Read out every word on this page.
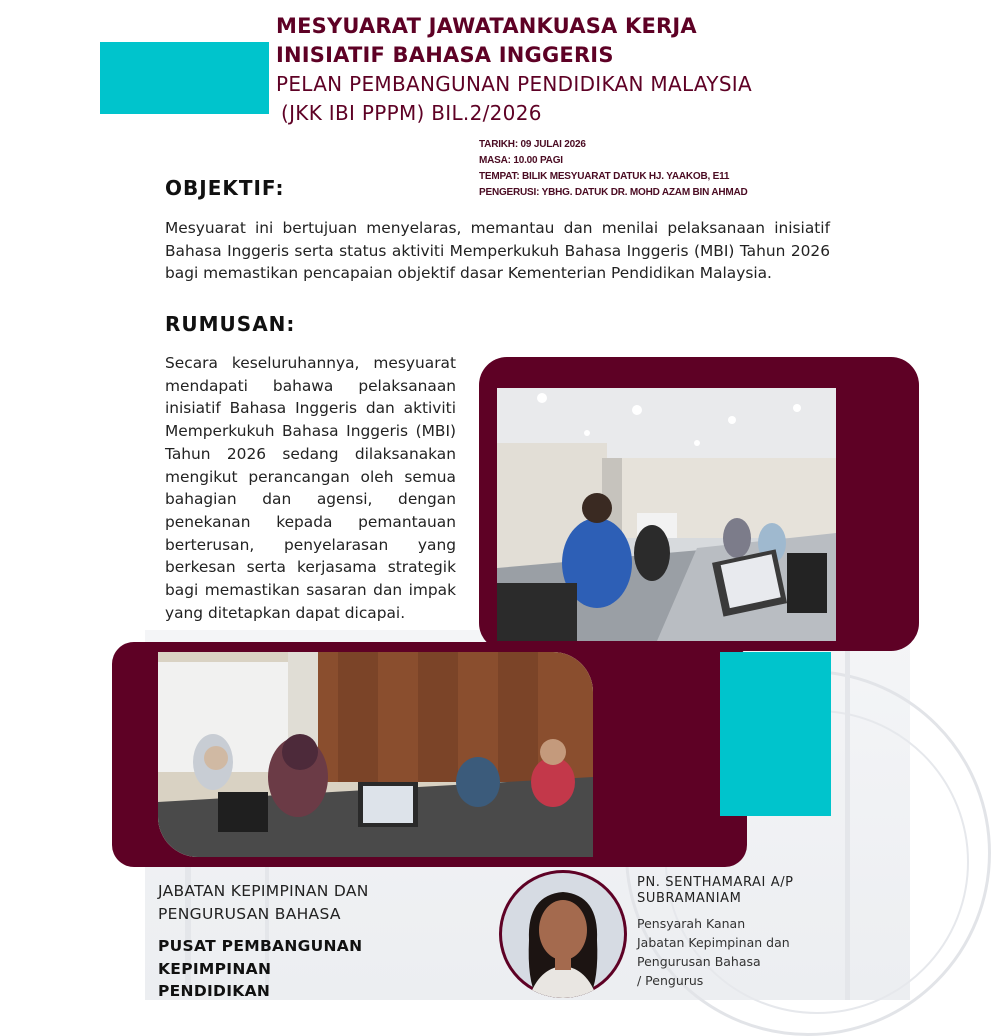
MESYUARAT JAWATANKUASA KERJA
INISIATIF BAHASA INGGERIS
PELAN PEMBANGUNAN PENDIDIKAN MALAYSIA
(JKK IBI PPPM) BIL.2/2026
TARIKH: 09 JULAI 2026
MASA: 10.00 PAGI
TEMPAT: BILIK MESYUARAT DATUK HJ. YAAKOB, E11
PENGERUSI: YBHG. DATUK DR. MOHD AZAM BIN AHMAD
OBJEKTIF:
Mesyuarat ini bertujuan menyelaras, memantau dan menilai pelaksanaan inisiatif Bahasa Inggeris serta status aktiviti Memperkukuh Bahasa Inggeris (MBI) Tahun 2026 bagi memastikan pencapaian objektif dasar Kementerian Pendidikan Malaysia.
RUMUSAN:
Secara keseluruhannya, mesyuarat mendapati bahawa pelaksanaan inisiatif Bahasa Inggeris dan aktiviti Memperkukuh Bahasa Inggeris (MBI) Tahun 2026 sedang dilaksanakan mengikut perancangan oleh semua bahagian dan agensi, dengan penekanan kepada pemantauan berterusan, penyelarasan yang berkesan serta kerjasama strategik bagi memastikan sasaran dan impak yang ditetapkan dapat dicapai.
JABATAN KEPIMPINAN DAN
PENGURUSAN BAHASA
PUSAT PEMBANGUNAN
KEPIMPINAN
PENDIDIKAN
PN. SENTHAMARAI A/P
SUBRAMANIAM
Pensyarah Kanan
Jabatan Kepimpinan dan
Pengurusan Bahasa
/ Pengurus
